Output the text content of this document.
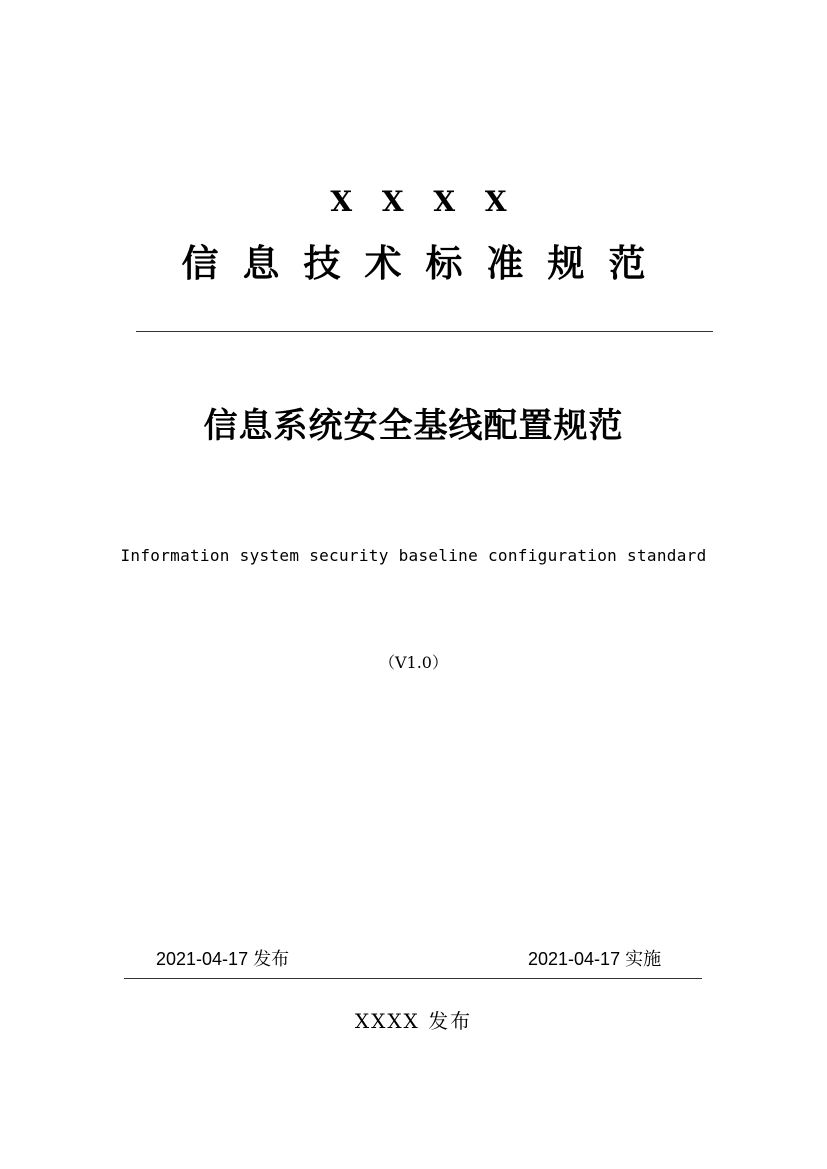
X X X X
信息技术标准规范
信息系统安全基线配置规范
Information system security baseline configuration standard
（V1.0）
2021-04-17 发布	2021-04-17 实施
XXXX 发布
